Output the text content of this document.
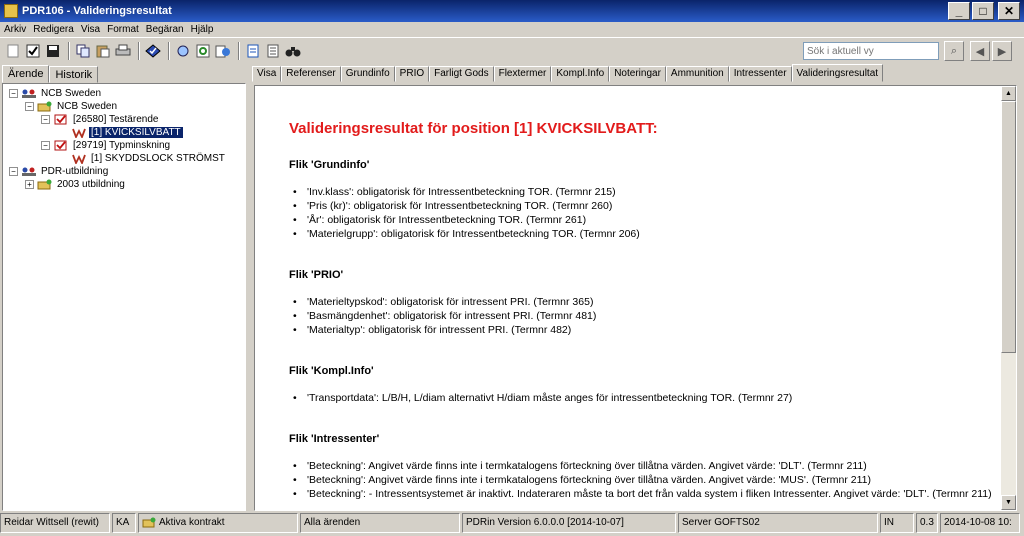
PDR106 - Valideringsresultat	_	□	✕
Arkiv Redigera Visa Format Begäran Hjälp
Sök i aktuell vy
⌕	◀	▶
Ärende	Historik
−	NCB Sweden
−	NCB Sweden
−	[26580] Testärende
[1] KVICKSILVBATT
−	[29719] Typminskning
[1] SKYDDSLOCK STRÖMST
−	PDR-utbildning
+	2003 utbildning
Visa	Referenser	Grundinfo	PRIO	Farligt Gods	Flextermer	Kompl.Info	Noteringar	Ammunition	Intressenter	Valideringsresultat
Valideringsresultat för position [1] KVICKSILVBATT:
Flik 'Grundinfo'
• 'Inv.klass': obligatorisk för Intressentbeteckning TOR. (Termnr 215)
• 'Pris (kr)': obligatorisk för Intressentbeteckning TOR. (Termnr 260)
• 'År': obligatorisk för Intressentbeteckning TOR. (Termnr 261)
• 'Materielgrupp': obligatorisk för Intressentbeteckning TOR. (Termnr 206)
Flik 'PRIO'
• 'Materieltypskod': obligatorisk för intressent PRI. (Termnr 365)
• 'Basmängdenhet': obligatorisk för intressent PRI. (Termnr 481)
• 'Materialtyp': obligatorisk för intressent PRI. (Termnr 482)
Flik 'Kompl.Info'
• 'Transportdata': L/B/H, L/diam alternativt H/diam måste anges för intressentbeteckning TOR. (Termnr 27)
Flik 'Intressenter'
• 'Beteckning': Angivet värde finns inte i termkatalogens förteckning över tillåtna värden. Angivet värde: 'DLT'. (Termnr 211)
• 'Beteckning': Angivet värde finns inte i termkatalogens förteckning över tillåtna värden. Angivet värde: 'MUS'. (Termnr 211)
• 'Beteckning': - Intressentsystemet är inaktivt. Indateraren måste ta bort det från valda system i fliken Intressenter. Angivet värde: 'DLT'. (Termnr 211)
▲
▼
Reidar Wittsell (rewit)	KA	Aktiva kontrakt	Alla ärenden	PDRin Version 6.0.0.0 [2014-10-07]	Server GOFTS02	IN	0.3	2014-10-08 10:
